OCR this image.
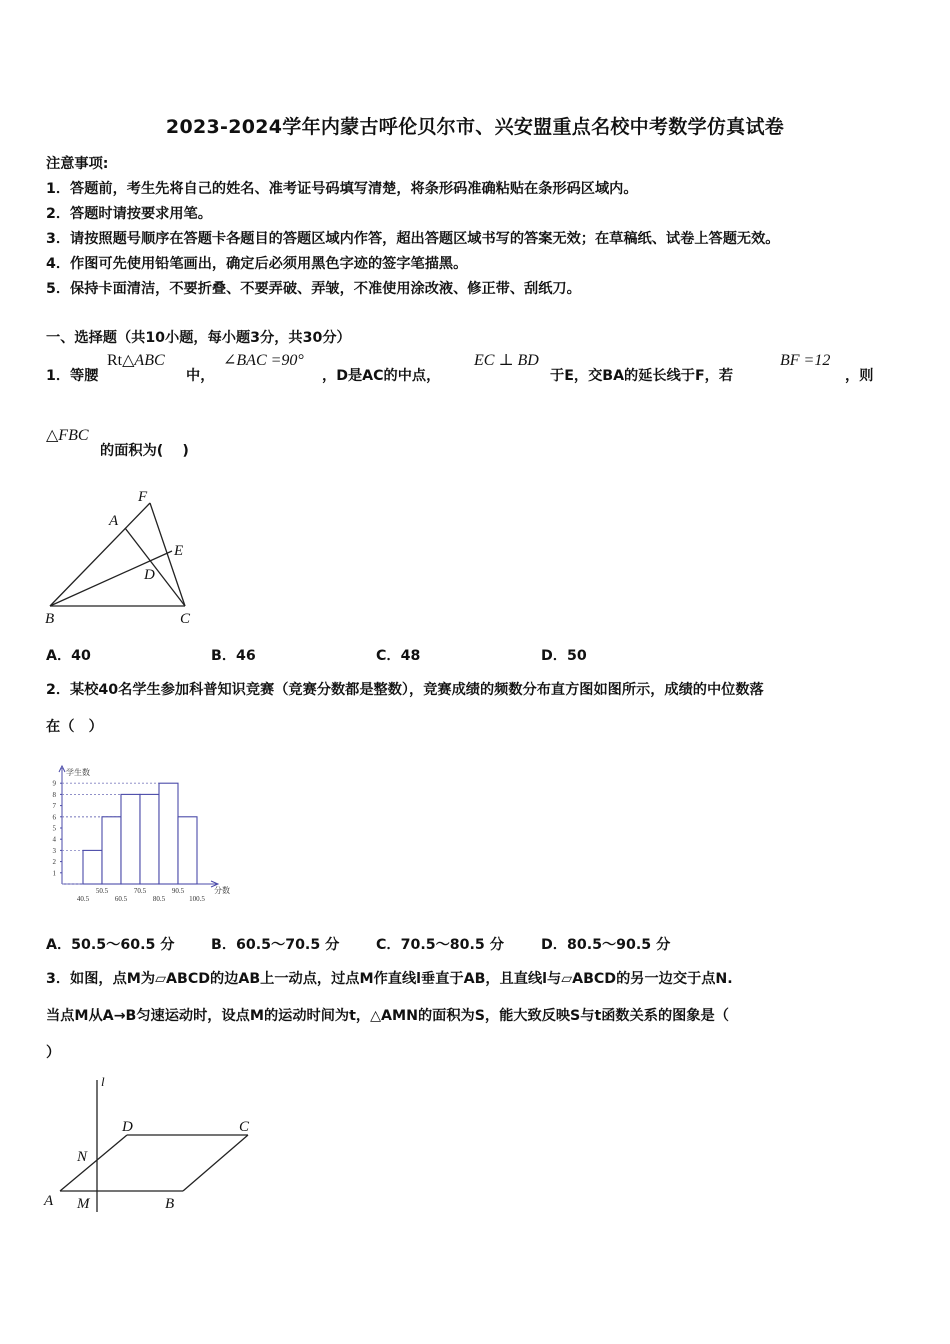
2023-2024学年内蒙古呼伦贝尔市、兴安盟重点名校中考数学仿真试卷
注意事项:
1．答题前，考生先将自己的姓名、准考证号码填写清楚，将条形码准确粘贴在条形码区域内。
2．答题时请按要求用笔。
3．请按照题号顺序在答题卡各题目的答题区域内作答，超出答题区域书写的答案无效；在草稿纸、试卷上答题无效。
4．作图可先使用铅笔画出，确定后必须用黑色字迹的签字笔描黑。
5．保持卡面清洁，不要折叠、不要弄破、弄皱，不准使用涂改液、修正带、刮纸刀。
一、选择题（共10小题，每小题3分，共30分）
1．等腰
Rt△ABC
中，
∠BAC =90°
，D是AC的中点，
EC ⊥ BD
于E，交BA的延长线于F，若
BF =12
，则
△FBC
的面积为(　 )
F
A
E
D
B	C
A．40	B．46	C．48	D．50
2．某校40名学生参加科普知识竞赛（竞赛分数都是整数），竞赛成绩的频数分布直方图如图所示，成绩的中位数落
在（　）
学生数
分数
1
2
3
4
5
6
7
8
9
40.5
50.5
60.5
70.5
80.5
90.5
100.5
A．50.5～60.5 分	B．60.5～70.5 分	C．70.5～80.5 分	D．80.5～90.5 分
3．如图，点M为▱ABCD的边AB上一动点，过点M作直线l垂直于AB，且直线l与▱ABCD的另一边交于点N.
当点M从A→B匀速运动时，设点M的运动时间为t，△AMN的面积为S，能大致反映S与t函数关系的图象是（
）
l
D	C
N
A M	B
